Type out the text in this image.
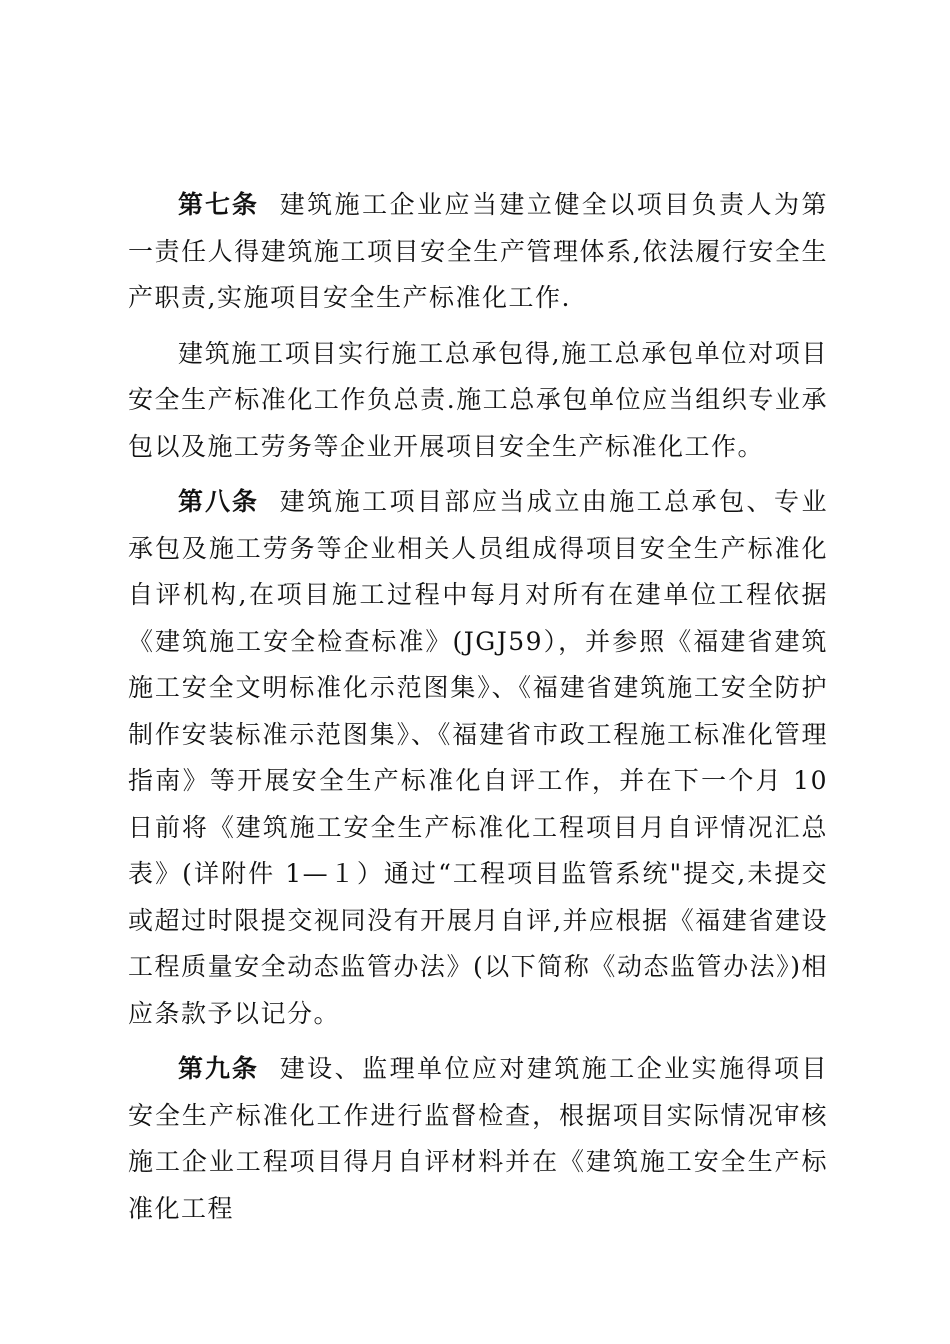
第七条 建筑施工企业应当建立健全以项目负责人为第一责任人得建筑施工项目安全生产管理体系,依法履行安全生产职责,实施项目安全生产标准化工作.

建筑施工项目实行施工总承包得,施工总承包单位对项目安全生产标准化工作负总责.施工总承包单位应当组织专业承包以及施工劳务等企业开展项目安全生产标准化工作。

第八条 建筑施工项目部应当成立由施工总承包、专业承包及施工劳务等企业相关人员组成得项目安全生产标准化自评机构,在项目施工过程中每月对所有在建单位工程依据《建筑施工安全检查标准》(JGJ59），并参照《福建省建筑施工安全文明标准化示范图集》、《福建省建筑施工安全防护制作安装标准示范图集》、《福建省市政工程施工标准化管理指南》等开展安全生产标准化自评工作，并在下一个月 10日前将《建筑施工安全生产标准化工程项目月自评情况汇总表》(详附件 1—１）通过“工程项目监管系统"提交,未提交或超过时限提交视同没有开展月自评,并应根据《福建省建设工程质量安全动态监管办法》(以下简称《动态监管办法》)相应条款予以记分。

第九条 建设、监理单位应对建筑施工企业实施得项目安全生产标准化工作进行监督检查，根据项目实际情况审核施工企业工程项目得月自评材料并在《建筑施工安全生产标准化工程
